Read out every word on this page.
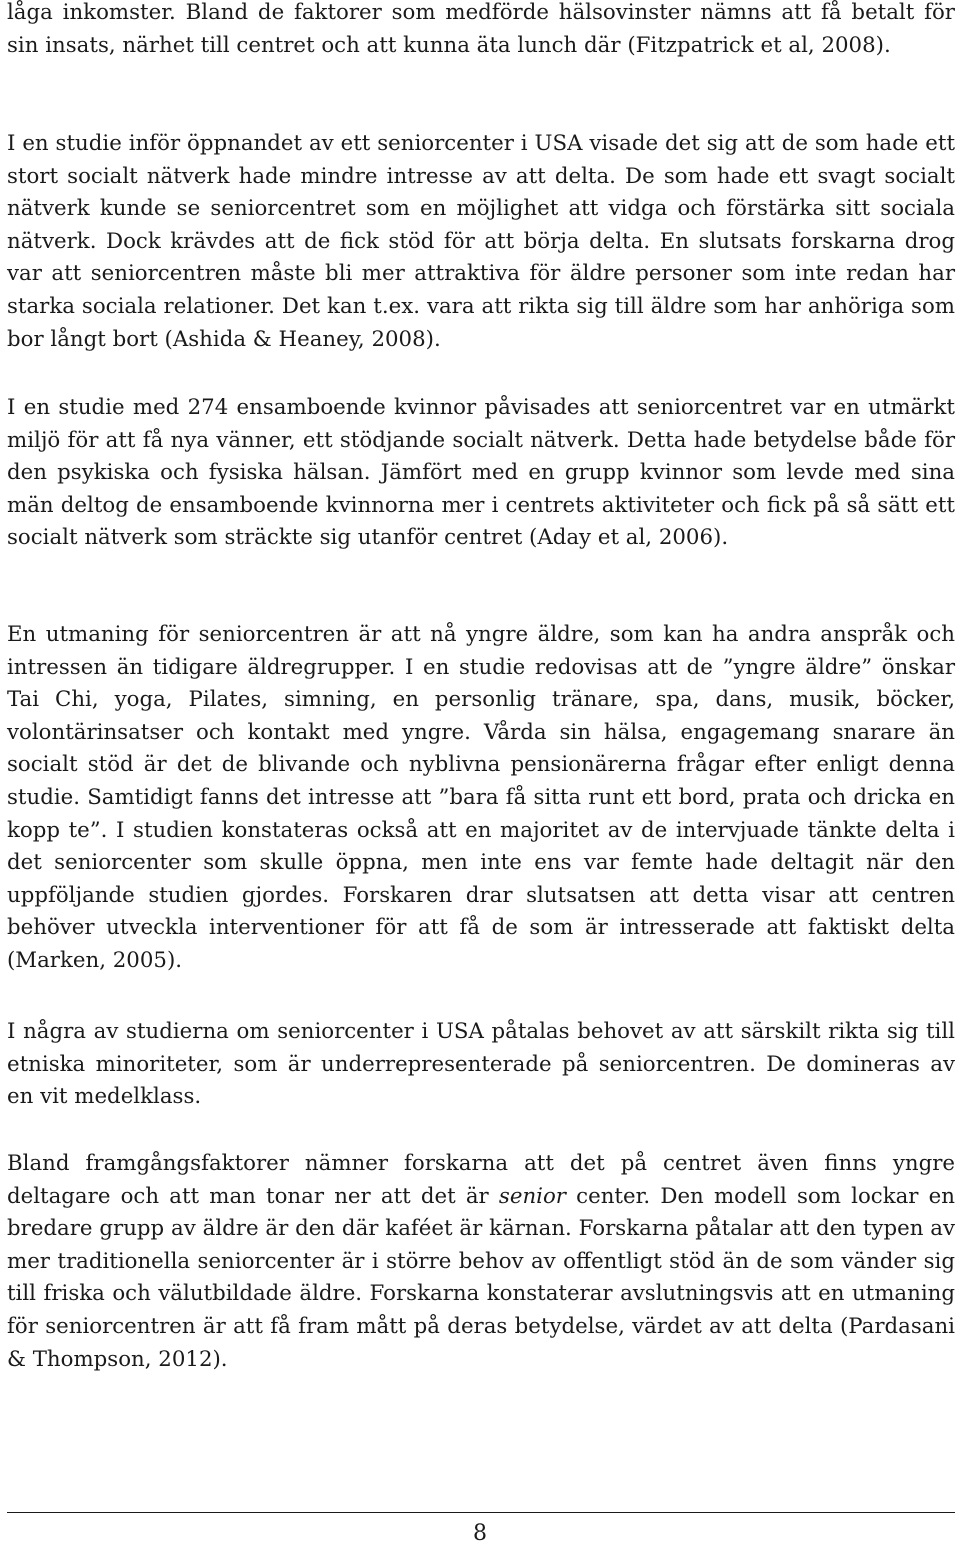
låga inkomster. Bland de faktorer som medförde hälsovinster nämns att få betalt för sin insats, närhet till centret och att kunna äta lunch där (Fitzpatrick et al, 2008).

I en studie inför öppnandet av ett seniorcenter i USA visade det sig att de som hade ett stort socialt nätverk hade mindre intresse av att delta. De som hade ett svagt socialt nätverk kunde se seniorcentret som en möjlighet att vidga och förstärka sitt sociala nätverk. Dock krävdes att de fick stöd för att börja delta. En slutsats forskarna drog var att seniorcentren måste bli mer attraktiva för äldre personer som inte redan har starka sociala relationer. Det kan t.ex. vara att rikta sig till äldre som har anhöriga som bor långt bort (Ashida & Heaney, 2008).

I en studie med 274 ensamboende kvinnor påvisades att seniorcentret var en utmärkt miljö för att få nya vänner, ett stödjande socialt nätverk. Detta hade betydelse både för den psykiska och fysiska hälsan. Jämfört med en grupp kvinnor som levde med sina män deltog de ensamboende kvinnorna mer i centrets aktiviteter och fick på så sätt ett socialt nätverk som sträckte sig utanför centret (Aday et al, 2006).

En utmaning för seniorcentren är att nå yngre äldre, som kan ha andra anspråk och intressen än tidigare äldregrupper. I en studie redovisas att de ”yngre äldre” önskar Tai Chi, yoga, Pilates, simning, en personlig tränare, spa, dans, musik, böcker, volontärinsatser och kontakt med yngre. Vårda sin hälsa, engagemang snarare än socialt stöd är det de blivande och nyblivna pensionärerna frågar efter enligt denna studie. Samtidigt fanns det intresse att ”bara få sitta runt ett bord, prata och dricka en kopp te”. I studien konstateras också att en majoritet av de intervjuade tänkte delta i det seniorcenter som skulle öppna, men inte ens var femte hade deltagit när den uppföljande studien gjordes. Forskaren drar slutsatsen att detta visar att centren behöver utveckla interventioner för att få de som är intresserade att faktiskt delta (Marken, 2005).

I några av studierna om seniorcenter i USA påtalas behovet av att särskilt rikta sig till etniska minoriteter, som är underrepresenterade på seniorcentren. De domineras av en vit medelklass.

Bland framgångsfaktorer nämner forskarna att det på centret även finns yngre deltagare och att man tonar ner att det är senior center. Den modell som lockar en bredare grupp av äldre är den där kaféet är kärnan. Forskarna påtalar att den typen av mer traditionella seniorcenter är i större behov av offentligt stöd än de som vänder sig till friska och välutbildade äldre. Forskarna konstaterar avslutningsvis att en utmaning för seniorcentren är att få fram mått på deras betydelse, värdet av att delta (Pardasani & Thompson, 2012).

8
